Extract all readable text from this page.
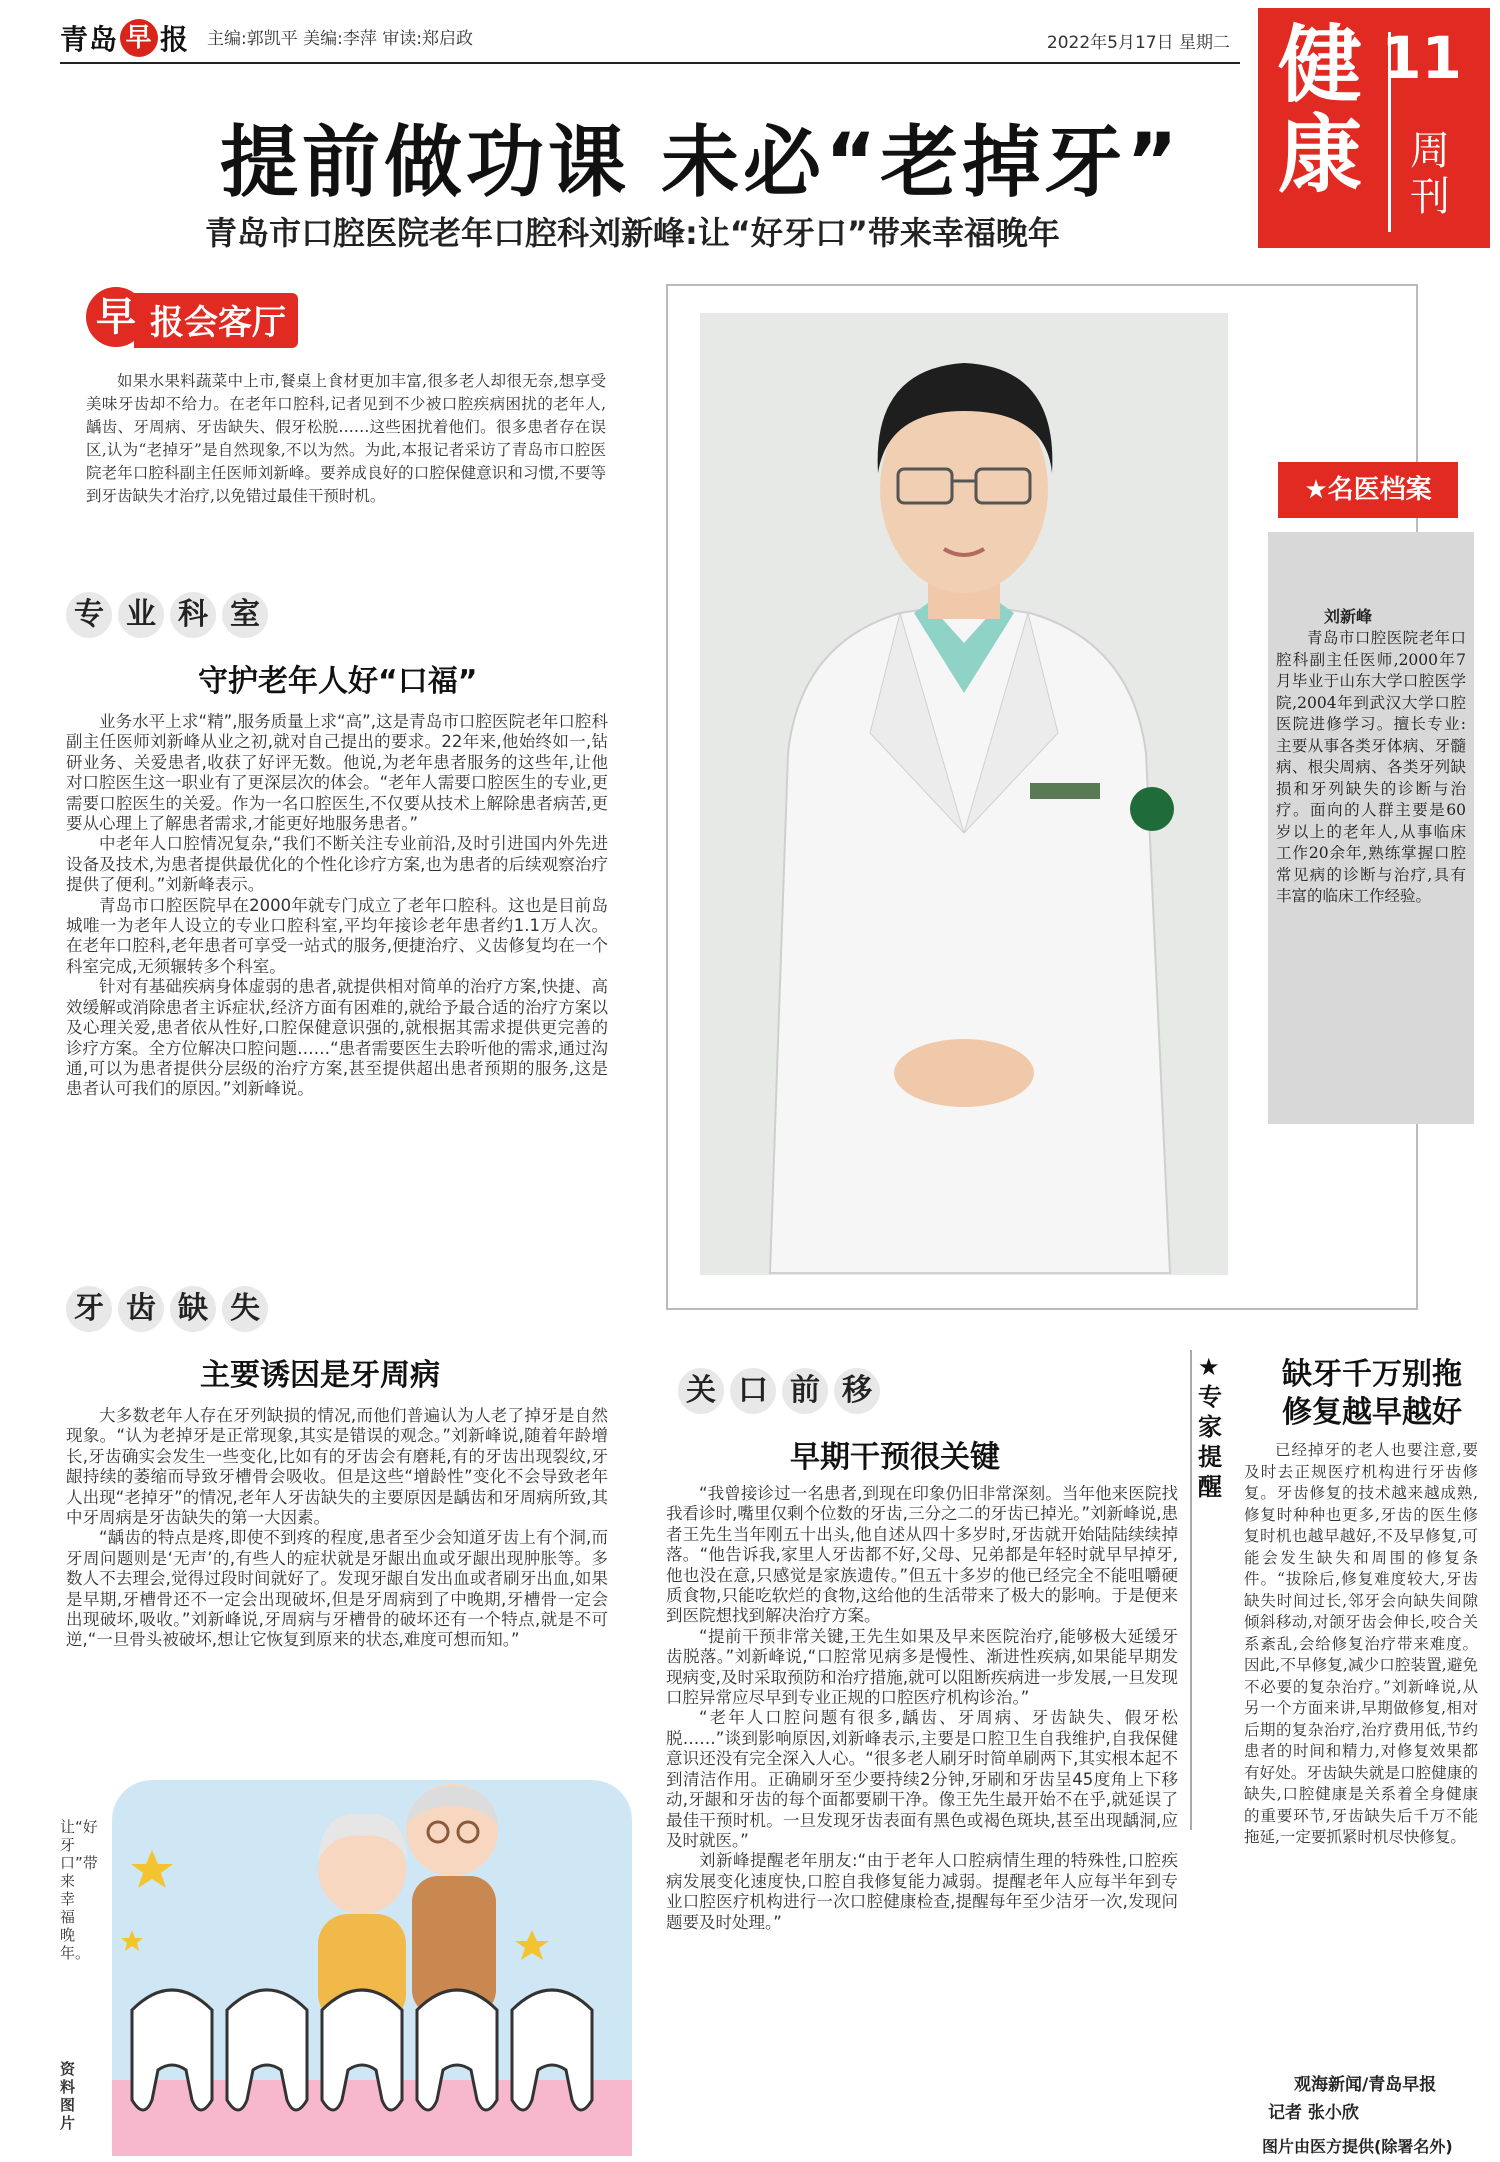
青岛 早 报 主编:郭凯平 美编:李萍 审读:郑启政	2022年5月17日 星期二 健康
11
周刊
提前做功课 未必“老掉牙”
青岛市口腔医院老年口腔科刘新峰:让“好牙口”带来幸福晚年
报会客厅
早

如果水果料蔬菜中上市,餐桌上食材更加丰富,很多老人却很无奈,想享受美味牙齿却不给力。在老年口腔科,记者见到不少被口腔疾病困扰的老年人,龋齿、牙周病、牙齿缺失、假牙松脱……这些困扰着他们。很多患者存在误区,认为“老掉牙”是自然现象,不以为然。为此,本报记者采访了青岛市口腔医院老年口腔科副主任医师刘新峰。要养成良好的口腔保健意识和习惯,不要等到牙齿缺失才治疗,以免错过最佳干预时机。

专 业 科 室
守护老年人好“口福”

业务水平上求“精”,服务质量上求“高”,这是青岛市口腔医院老年口腔科副主任医师刘新峰从业之初,就对自己提出的要求。22年来,他始终如一,钻研业务、关爱患者,收获了好评无数。他说,为老年患者服务的这些年,让他对口腔医生这一职业有了更深层次的体会。“老年人需要口腔医生的专业,更需要口腔医生的关爱。作为一名口腔医生,不仅要从技术上解除患者病苦,更要从心理上了解患者需求,才能更好地服务患者。”

中老年人口腔情况复杂,“我们不断关注专业前沿,及时引进国内外先进设备及技术,为患者提供最优化的个性化诊疗方案,也为患者的后续观察治疗提供了便利。”刘新峰表示。

青岛市口腔医院早在2000年就专门成立了老年口腔科。这也是目前岛城唯一为老年人设立的专业口腔科室,平均年接诊老年患者约1.1万人次。在老年口腔科,老年患者可享受一站式的服务,便捷治疗、义齿修复均在一个科室完成,无须辗转多个科室。

针对有基础疾病身体虚弱的患者,就提供相对简单的治疗方案,快捷、高效缓解或消除患者主诉症状,经济方面有困难的,就给予最合适的治疗方案以及心理关爱,患者依从性好,口腔保健意识强的,就根据其需求提供更完善的诊疗方案。全方位解决口腔问题……“患者需要医生去聆听他的需求,通过沟通,可以为患者提供分层级的治疗方案,甚至提供超出患者预期的服务,这是患者认可我们的原因。”刘新峰说。

牙 齿 缺 失
主要诱因是牙周病

大多数老年人存在牙列缺损的情况,而他们普遍认为人老了掉牙是自然现象。“认为老掉牙是正常现象,其实是错误的观念。”刘新峰说,随着年龄增长,牙齿确实会发生一些变化,比如有的牙齿会有磨耗,有的牙齿出现裂纹,牙龈持续的萎缩而导致牙槽骨会吸收。但是这些“增龄性”变化不会导致老年人出现“老掉牙”的情况,老年人牙齿缺失的主要原因是龋齿和牙周病所致,其中牙周病是牙齿缺失的第一大因素。

“龋齿的特点是疼,即使不到疼的程度,患者至少会知道牙齿上有个洞,而牙周问题则是‘无声’的,有些人的症状就是牙龈出血或牙龈出现肿胀等。多数人不去理会,觉得过段时间就好了。发现牙龈自发出血或者刷牙出血,如果是早期,牙槽骨还不一定会出现破坏,但是牙周病到了中晚期,牙槽骨一定会出现破坏,吸收。”刘新峰说,牙周病与牙槽骨的破坏还有一个特点,就是不可逆,“一旦骨头被破坏,想让它恢复到原来的状态,难度可想而知。”

让“好牙口”带来幸福晚年。
资料图片
★名医档案
刘新峰

青岛市口腔医院老年口腔科副主任医师,2000年7月毕业于山东大学口腔医学院,2004年到武汉大学口腔医院进修学习。擅长专业:主要从事各类牙体病、牙髓病、根尖周病、各类牙列缺损和牙列缺失的诊断与治疗。面向的人群主要是60岁以上的老年人,从事临床工作20余年,熟练掌握口腔常见病的诊断与治疗,具有丰富的临床工作经验。

关 口 前 移
早期干预很关键

“我曾接诊过一名患者,到现在印象仍旧非常深刻。当年他来医院找我看诊时,嘴里仅剩个位数的牙齿,三分之二的牙齿已掉光。”刘新峰说,患者王先生当年刚五十出头,他自述从四十多岁时,牙齿就开始陆陆续续掉落。“他告诉我,家里人牙齿都不好,父母、兄弟都是年轻时就早早掉牙,他也没在意,只感觉是家族遗传。”但五十多岁的他已经完全不能咀嚼硬质食物,只能吃软烂的食物,这给他的生活带来了极大的影响。于是便来到医院想找到解决治疗方案。

“提前干预非常关键,王先生如果及早来医院治疗,能够极大延缓牙齿脱落。”刘新峰说,“口腔常见病多是慢性、渐进性疾病,如果能早期发现病变,及时采取预防和治疗措施,就可以阻断疾病进一步发展,一旦发现口腔异常应尽早到专业正规的口腔医疗机构诊治。”

“老年人口腔问题有很多,龋齿、牙周病、牙齿缺失、假牙松脱……”谈到影响原因,刘新峰表示,主要是口腔卫生自我维护,自我保健意识还没有完全深入人心。“很多老人刷牙时简单刷两下,其实根本起不到清洁作用。正确刷牙至少要持续2分钟,牙刷和牙齿呈45度角上下移动,牙龈和牙齿的每个面都要刷干净。像王先生最开始不在乎,就延误了最佳干预时机。一旦发现牙齿表面有黑色或褐色斑块,甚至出现龋洞,应及时就医。”

刘新峰提醒老年朋友:“由于老年人口腔病情生理的特殊性,口腔疾病发展变化速度快,口腔自我修复能力减弱。提醒老年人应每半年到专业口腔医疗机构进行一次口腔健康检查,提醒每年至少洁牙一次,发现问题要及时处理。”

★专家提醒
缺牙千万别拖
修复越早越好

已经掉牙的老人也要注意,要及时去正规医疗机构进行牙齿修复。牙齿修复的技术越来越成熟,修复时种种也更多,牙齿的医生修复时机也越早越好,不及早修复,可能会发生缺失和周围的修复条件。“拔除后,修复难度较大,牙齿缺失时间过长,邻牙会向缺失间隙倾斜移动,对颌牙齿会伸长,咬合关系紊乱,会给修复治疗带来难度。因此,不早修复,减少口腔装置,避免不必要的复杂治疗。”刘新峰说,从另一个方面来讲,早期做修复,相对后期的复杂治疗,治疗费用低,节约患者的时间和精力,对修复效果都有好处。牙齿缺失就是口腔健康的缺失,口腔健康是关系着全身健康的重要环节,牙齿缺失后千万不能拖延,一定要抓紧时机尽快修复。

观海新闻/青岛早报
记者 张小欣
图片由医方提供(除署名外)
